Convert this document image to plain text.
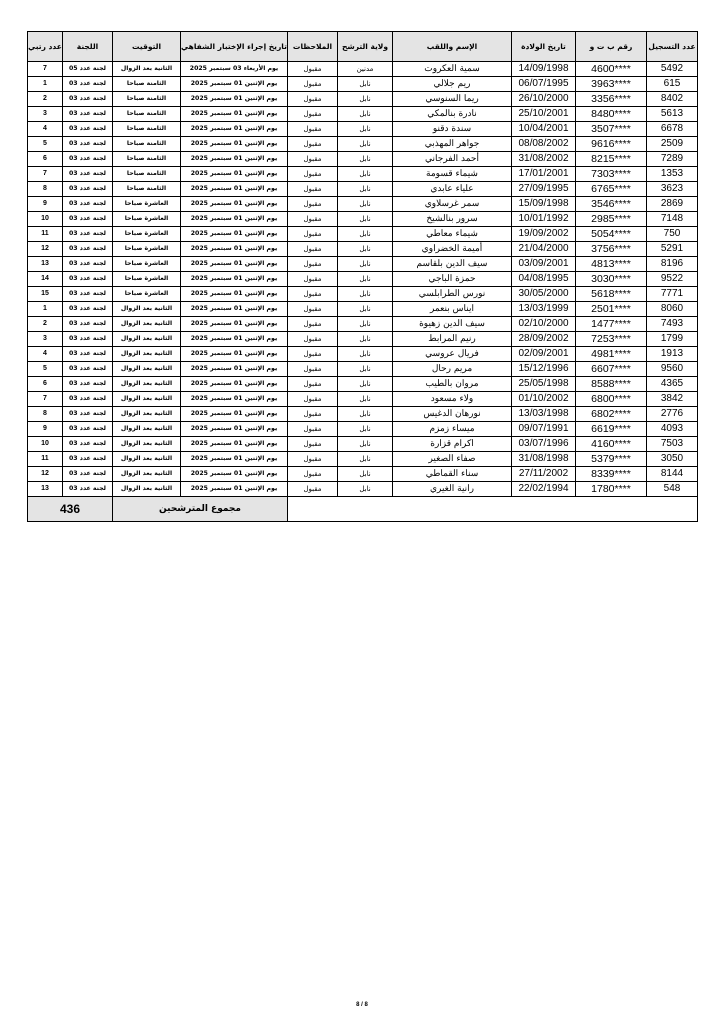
عدد التسجيل	رقم ب ت و	تاريخ الولادة	الإسم واللقب	ولاية الترشح	الملاحظات	تاريخ إجراء الإختبار الشفاهي	التوقيت	اللجنة	عدد رتبي
5492	****4600	14/09/1998	سمية العكروت	مدنين	مقبول	يوم الأربعاء 03 سبتمبر 2025	الثانية بعد الزوال	لجنة عدد 05	7
615	****3963	06/07/1995	ريم جلالي	نابل	مقبول	يوم الإثنين 01 سبتمبر 2025	الثامنة صباحا	لجنة عدد 03	1
8402	****3356	26/10/2000	ريما السنوسي	نابل	مقبول	يوم الإثنين 01 سبتمبر 2025	الثامنة صباحا	لجنة عدد 03	2
5613	****8480	25/10/2001	نادرة بنالمكي	نابل	مقبول	يوم الإثنين 01 سبتمبر 2025	الثامنة صباحا	لجنة عدد 03	3
6678	****3507	10/04/2001	سندة دقنو	نابل	مقبول	يوم الإثنين 01 سبتمبر 2025	الثامنة صباحا	لجنة عدد 03	4
2509	****9616	08/08/2002	جواهر المهذبي	نابل	مقبول	يوم الإثنين 01 سبتمبر 2025	الثامنة صباحا	لجنة عدد 03	5
7289	****8215	31/08/2002	أحمد الفرجاني	نابل	مقبول	يوم الإثنين 01 سبتمبر 2025	الثامنة صباحا	لجنة عدد 03	6
1353	****7303	17/01/2001	شيماء قسومة	نابل	مقبول	يوم الإثنين 01 سبتمبر 2025	الثامنة صباحا	لجنة عدد 03	7
3623	****6765	27/09/1995	علياء عابدي	نابل	مقبول	يوم الإثنين 01 سبتمبر 2025	الثامنة صباحا	لجنة عدد 03	8
2869	****3546	15/09/1998	سمر غرسلاوي	نابل	مقبول	يوم الإثنين 01 سبتمبر 2025	العاشرة صباحا	لجنة عدد 03	9
7148	****2985	10/01/1992	سرور بنالشيخ	نابل	مقبول	يوم الإثنين 01 سبتمبر 2025	العاشرة صباحا	لجنة عدد 03	10
750	****5054	19/09/2002	شيماء معاطي	نابل	مقبول	يوم الإثنين 01 سبتمبر 2025	العاشرة صباحا	لجنة عدد 03	11
5291	****3756	21/04/2000	أميمة الخضراوي	نابل	مقبول	يوم الإثنين 01 سبتمبر 2025	العاشرة صباحا	لجنة عدد 03	12
8196	****4813	03/09/2001	سيف الدين بلقاسم	نابل	مقبول	يوم الإثنين 01 سبتمبر 2025	العاشرة صباحا	لجنة عدد 03	13
9522	****3030	04/08/1995	حمزة الباجي	نابل	مقبول	يوم الإثنين 01 سبتمبر 2025	العاشرة صباحا	لجنة عدد 03	14
7771	****5618	30/05/2000	نورس الطرابلسي	نابل	مقبول	يوم الإثنين 01 سبتمبر 2025	العاشرة صباحا	لجنة عدد 03	15
8060	****2501	13/03/1999	ايناس بنعمر	نابل	مقبول	يوم الإثنين 01 سبتمبر 2025	الثانية بعد الزوال	لجنة عدد 03	1
7493	****1477	02/10/2000	سيف الدين زهيوة	نابل	مقبول	يوم الإثنين 01 سبتمبر 2025	الثانية بعد الزوال	لجنة عدد 03	2
1799	****7253	28/09/2002	رنيم المرابط	نابل	مقبول	يوم الإثنين 01 سبتمبر 2025	الثانية بعد الزوال	لجنة عدد 03	3
1913	****4981	02/09/2001	فريال عروسي	نابل	مقبول	يوم الإثنين 01 سبتمبر 2025	الثانية بعد الزوال	لجنة عدد 03	4
9560	****6607	15/12/1996	مريم رحال	نابل	مقبول	يوم الإثنين 01 سبتمبر 2025	الثانية بعد الزوال	لجنة عدد 03	5
4365	****8588	25/05/1998	مروان بالطيب	نابل	مقبول	يوم الإثنين 01 سبتمبر 2025	الثانية بعد الزوال	لجنة عدد 03	6
3842	****6800	01/10/2002	ولاء مسعود	نابل	مقبول	يوم الإثنين 01 سبتمبر 2025	الثانية بعد الزوال	لجنة عدد 03	7
2776	****6802	13/03/1998	نورهان الدغيس	نابل	مقبول	يوم الإثنين 01 سبتمبر 2025	الثانية بعد الزوال	لجنة عدد 03	8
4093	****6619	09/07/1991	ميساء زمزم	نابل	مقبول	يوم الإثنين 01 سبتمبر 2025	الثانية بعد الزوال	لجنة عدد 03	9
7503	****4160	03/07/1996	اكرام قزارة	نابل	مقبول	يوم الإثنين 01 سبتمبر 2025	الثانية بعد الزوال	لجنة عدد 03	10
3050	****5379	31/08/1998	صفاء الصغير	نابل	مقبول	يوم الإثنين 01 سبتمبر 2025	الثانية بعد الزوال	لجنة عدد 03	11
8144	****8339	27/11/2002	سناء القماطي	نابل	مقبول	يوم الإثنين 01 سبتمبر 2025	الثانية بعد الزوال	لجنة عدد 03	12
548	****1780	22/02/1994	رانية الغيري	نابل	مقبول	يوم الإثنين 01 سبتمبر 2025	الثانية بعد الزوال	لجنة عدد 03	13
						مجموع المترشحين		436	
8 / 8
